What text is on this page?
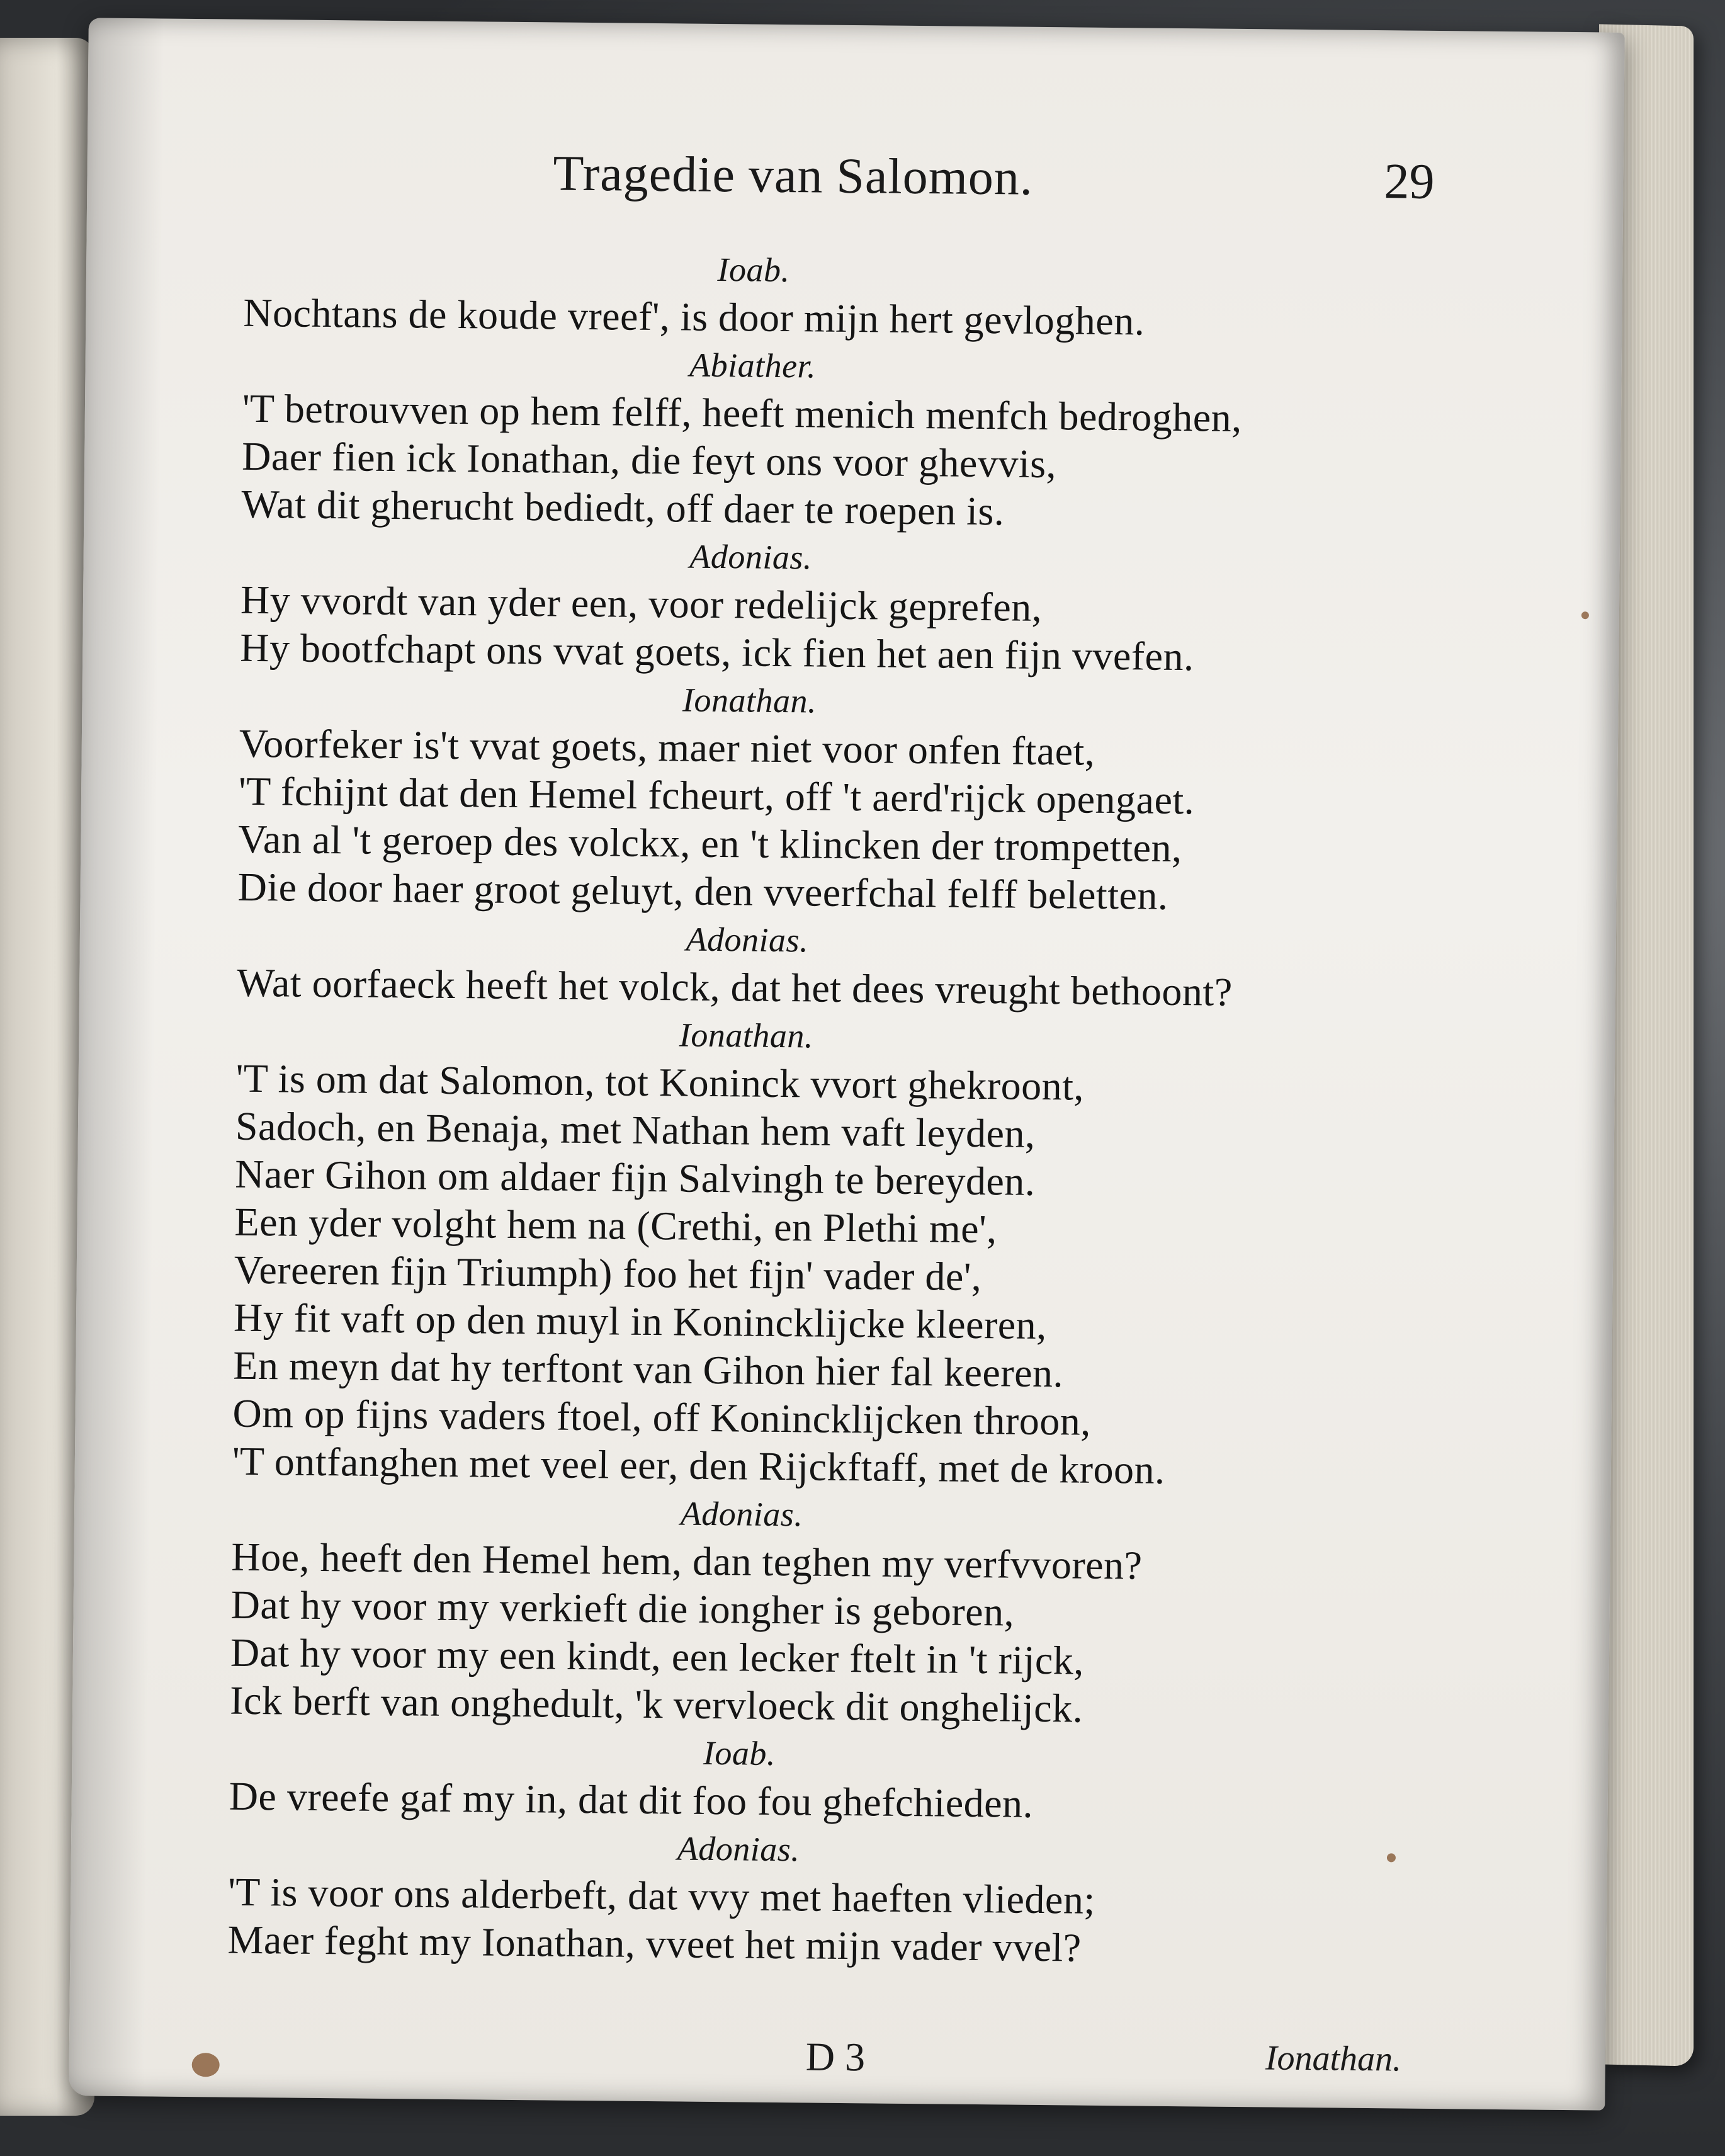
Tragedie van Salomon.	29
Ioab.
Nochtans de koude vreef', is door mijn hert gevloghen.
Abiather.
'T betrouvven op hem felff, heeft menich menfch bedroghen,
Daer fien ick Ionathan, die feyt ons voor ghevvis,
Wat dit gherucht bediedt, off daer te roepen is.
Adonias.
Hy vvordt van yder een, voor redelijck geprefen,
Hy bootfchapt ons vvat goets, ick fien het aen fijn vvefen.
Ionathan.
Voorfeker is't vvat goets, maer niet voor onfen ftaet,
'T fchijnt dat den Hemel fcheurt, off 't aerd'rijck opengaet.
Van al 't geroep des volckx, en 't klincken der trompetten,
Die door haer groot geluyt, den vveerfchal felff beletten.
Adonias.
Wat oorfaeck heeft het volck, dat het dees vreught bethoont?
Ionathan.
'T is om dat Salomon, tot Koninck vvort ghekroont,
Sadoch, en Benaja, met Nathan hem vaft leyden,
Naer Gihon om aldaer fijn Salvingh te bereyden.
Een yder volght hem na (Crethi, en Plethi me',
Vereeren fijn Triumph) foo het fijn' vader de',
Hy fit vaft op den muyl in Konincklijcke kleeren,
En meyn dat hy terftont van Gihon hier fal keeren.
Om op fijns vaders ftoel, off Konincklijcken throon,
'T ontfanghen met veel eer, den Rijckftaff, met de kroon.
Adonias.
Hoe, heeft den Hemel hem, dan teghen my verfvvoren?
Dat hy voor my verkieft die iongher is geboren,
Dat hy voor my een kindt, een lecker ftelt in 't rijck,
Ick berft van onghedult, 'k vervloeck dit onghelijck.
Ioab.
De vreefe gaf my in, dat dit foo fou ghefchieden.
Adonias.
'T is voor ons alderbeft, dat vvy met haeften vlieden;
Maer feght my Ionathan, vveet het mijn vader vvel?
D 3	Ionathan.
